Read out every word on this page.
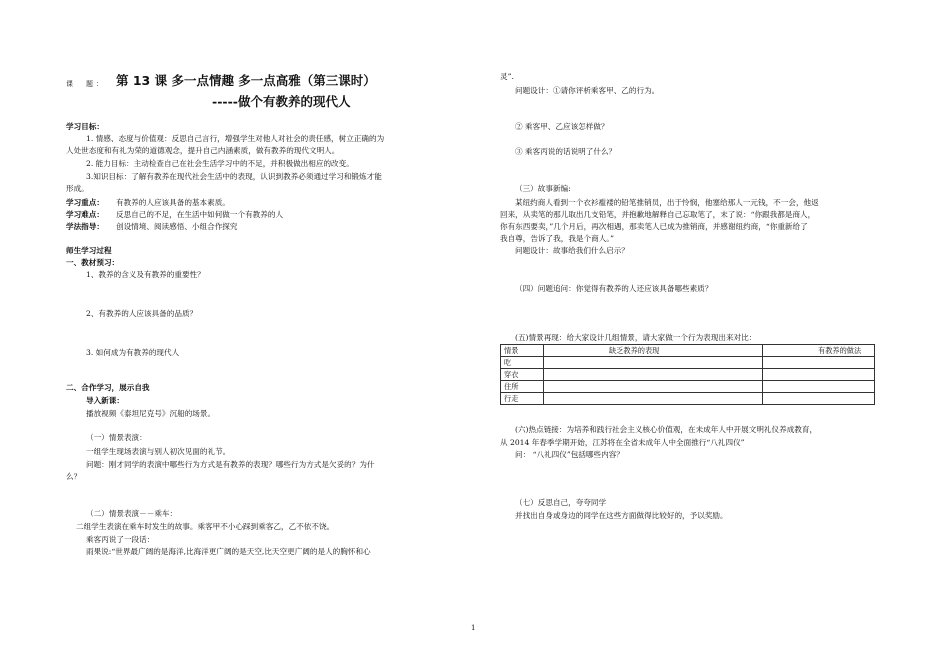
课　题： 第 13 课 多一点情趣 多一点高雅（第三课时）
-----做个有教养的现代人
学习目标：
1. 情感、态度与价值观：反思自己言行，增强学生对他人对社会的责任感，树立正确的为
人处世态度和有礼为荣的道德观念，提升自己内涵素质，做有教养的现代文明人。
2. 能力目标：主动检查自己在社会生活学习中的不足，并积极做出相应的改变。
3.知识目标：了解有教养在现代社会生活中的表现，认识到教养必须通过学习和锻炼才能
形成。
学习重点： 有教养的人应该具备的基本素质。
学习难点： 反思自己的不足，在生活中如何做一个有教养的人
学法指导： 创设情境、阅读感悟、小组合作探究
师生学习过程
一、教材预习：
1、教养的含义及有教养的重要性？
2、有教养的人应该具备的品质？
3. 如何成为有教养的现代人
二、合作学习，展示自我
导入新课：
播放视频《泰坦尼克号》沉船的场景。
（一）情景表演：
一组学生现场表演与别人初次见面的礼节。
问题：刚才同学的表演中哪些行为方式是有教养的表现？哪些行为方式是欠妥的？为什
么？
（二）情景表演－－乘车：
二组学生表演在乘车时发生的故事。乘客甲不小心踩到乘客乙，乙不依不饶。
乘客丙说了一段话：
雨果说:“世界最广阔的是海洋,比海洋更广阔的是天空,比天空更广阔的是人的胸怀和心
灵”.
问题设计：①请你评析乘客甲、乙的行为。
② 乘客甲、乙应该怎样做？
③ 乘客丙说的话说明了什么？
（三）故事新编:
某纽约商人看到一个衣衫褴褛的铅笔推销员，出于怜悯，他塞给那人一元钱，不一会，他返
回来，从卖笔的那儿取出几支铅笔，并抱歉地解释自己忘取笔了，末了说：“你跟我都是商人，
你有东西要卖，”几个月后，再次相遇，那卖笔人已成为推销商，并感谢纽约商，“你重新给了
我自尊，告诉了我，我是个商人。”
问题设计：故事给我们什么启示？
（四）问题追问：你觉得有教养的人还应该具备哪些素质？
(五)情景再现：给大家设计几组情景，请大家做一个行为表现出来对比：
情景	缺乏教养的表现	有教养的做法
吃		
穿衣		
住所		
行走		
(六)热点链接：为培养和践行社会主义核心价值观，在未成年人中开展文明礼仪养成教育，
从 2014 年春季学期开始，江苏将在全省未成年人中全面推行“八礼四仪”
问： “八礼四仪”包括哪些内容？
（七）反思自己，夸夸同学
并找出自身或身边的同学在这些方面做得比较好的，予以奖励。
1
